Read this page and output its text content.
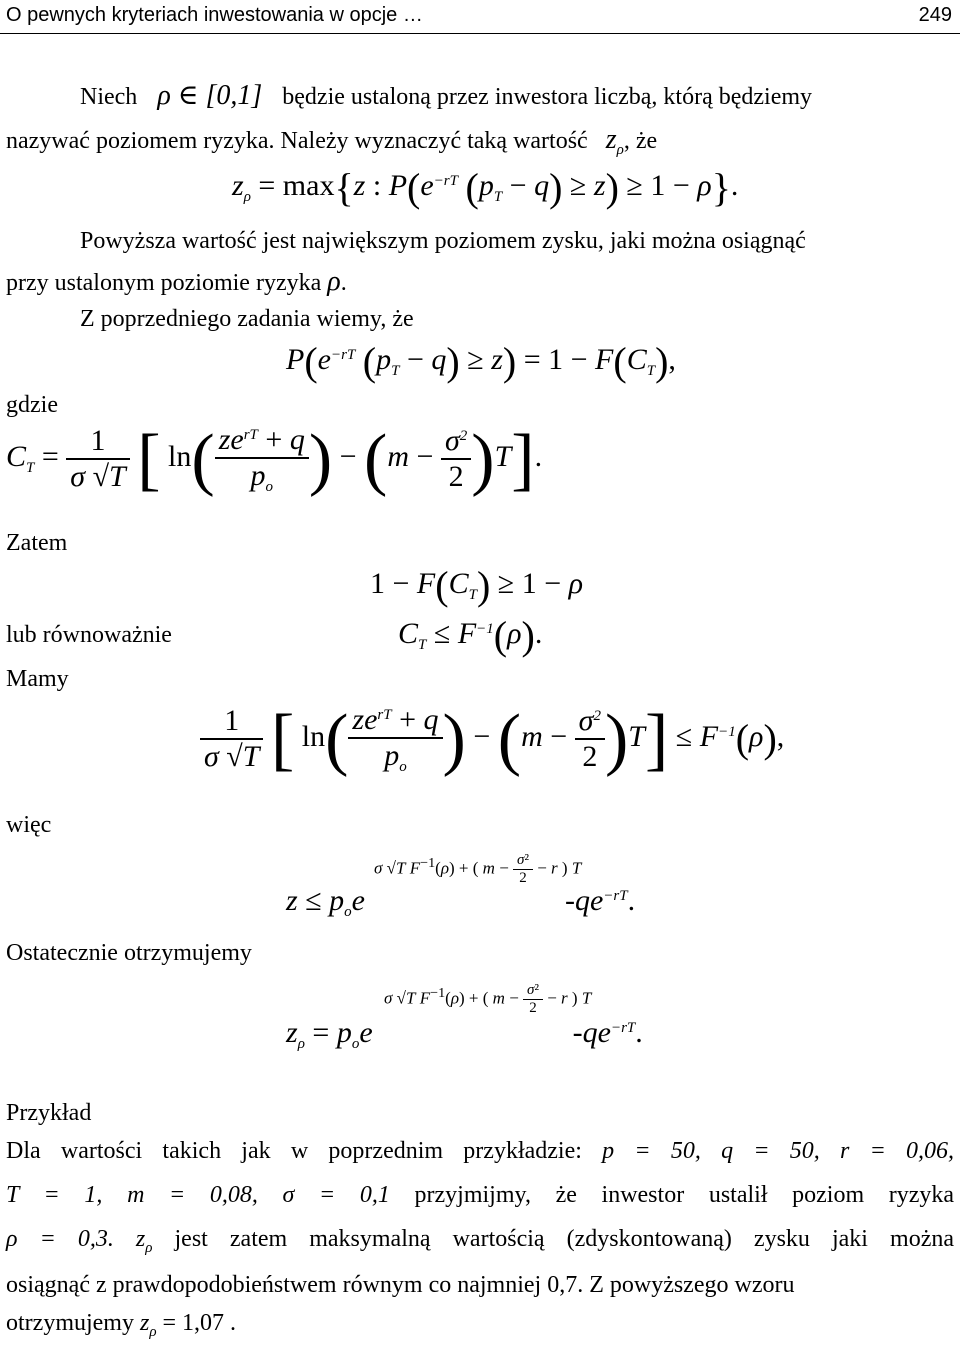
O pewnych kryteriach inwestowania w opcje …	249
Niech ρ ∈ [0,1] będzie ustaloną przez inwestora liczbą, którą będziemy
nazywać poziomem ryzyka. Należy wyznaczyć taką wartość $z_\rho$, że
$z_\rho = \max\{z$ : $P(e^{-rT}$ $(p_T - q) \ge z) \ge 1 - \rho$}.
Powyższa wartość jest największym poziomem zysku, jaki można osiągnąć
przy ustalonym poziomie ryzyka ρ.
Z poprzedniego zadania wiemy, że
$P(e^{-rT}$ $(p_T - q) \ge z) = 1 - F(C_T)$,
gdzie
$C_T = \frac{1}{\sigma √T}$ [ $\ln( \frac{ze^{rT} + q}{p_o}$ ) − $(m - \frac{\sigma^2}{2} )T$].
Zatem
$1 - F(C_T) \ge 1 - \rho$
lub równoważnie	$C_T \le F^{-1}(\rho)$.
Mamy
$\frac{1}{\sigma √T}$ [ $\ln( \frac{ze^{rT} + q}{p_o}$ ) − $(m - \frac{\sigma^2}{2} )T] \le F^{-1}(\rho)$,
więc
σ √T $F^{-1}(\rho)$ + ( $m - \frac{\text{σ²}}{2} - r$ ) T
$z \le p_oe$	$-qe^{-rT}$.
Ostatecznie otrzymujemy
σ √T $F^{-1}(\rho)$ + ( $m - \frac{\text{σ²}}{2} - r$ ) T
$z_\rho = p_oe$	$-qe^{-rT}$.
Przykład
Dla wartości takich jak w poprzednim przykładzie: p = 50, q = 50, r = 0,06,
T = 1, m = 0,08, σ = 0,1 przyjmijmy, że inwestor ustalił poziom ryzyka
ρ = 0,3. $z_\rho$ jest zatem maksymalną wartością (zdyskontowaną) zysku jaki można
osiągnąć z prawdopodobieństwem równym co najmniej 0,7. Z powyższego wzoru
otrzymujemy $z_\rho = 1,07$ .
